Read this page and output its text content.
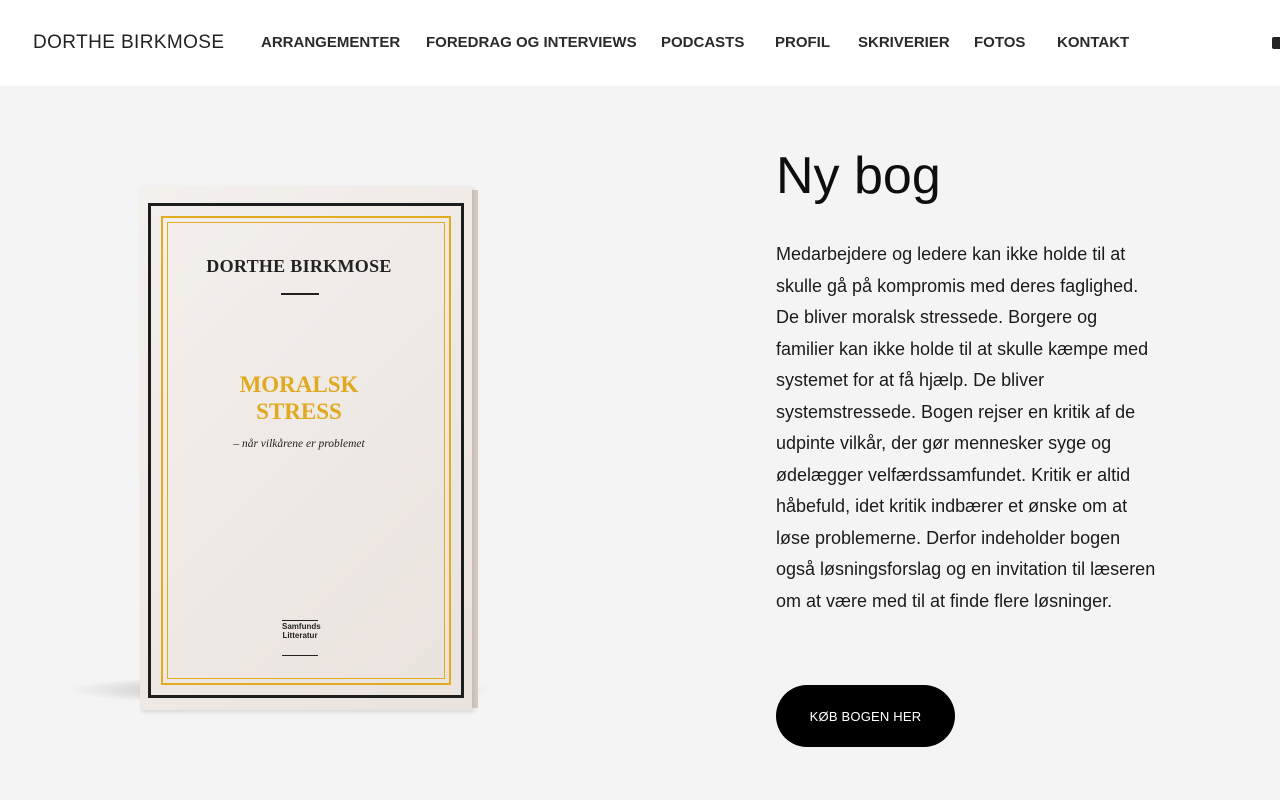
DORTHE BIRKMOSE ARRANGEMENTER FOREDRAG OG INTERVIEWS PODCASTS PROFIL SKRIVERIER FOTOS KONTAKT
DORTHE BIRKMOSE
MORALSK
STRESS
– når vilkårene er problemet
Samfunds
Litteratur
Ny bog

Medarbejdere og ledere kan ikke holde til at skulle gå på kompromis med deres faglighed. De bliver moralsk stressede. Borgere og familier kan ikke holde til at skulle kæmpe med systemet for at få hjælp. De bliver systemstressede. Bogen rejser en kritik af de udpinte vilkår, der gør mennesker syge og ødelægger velfærdssamfundet. Kritik er altid håbefuld, idet kritik indbærer et ønske om at løse problemerne. Derfor indeholder bogen også løsningsforslag og en invitation til læseren om at være med til at finde flere løsninger.

KØB BOGEN HER
